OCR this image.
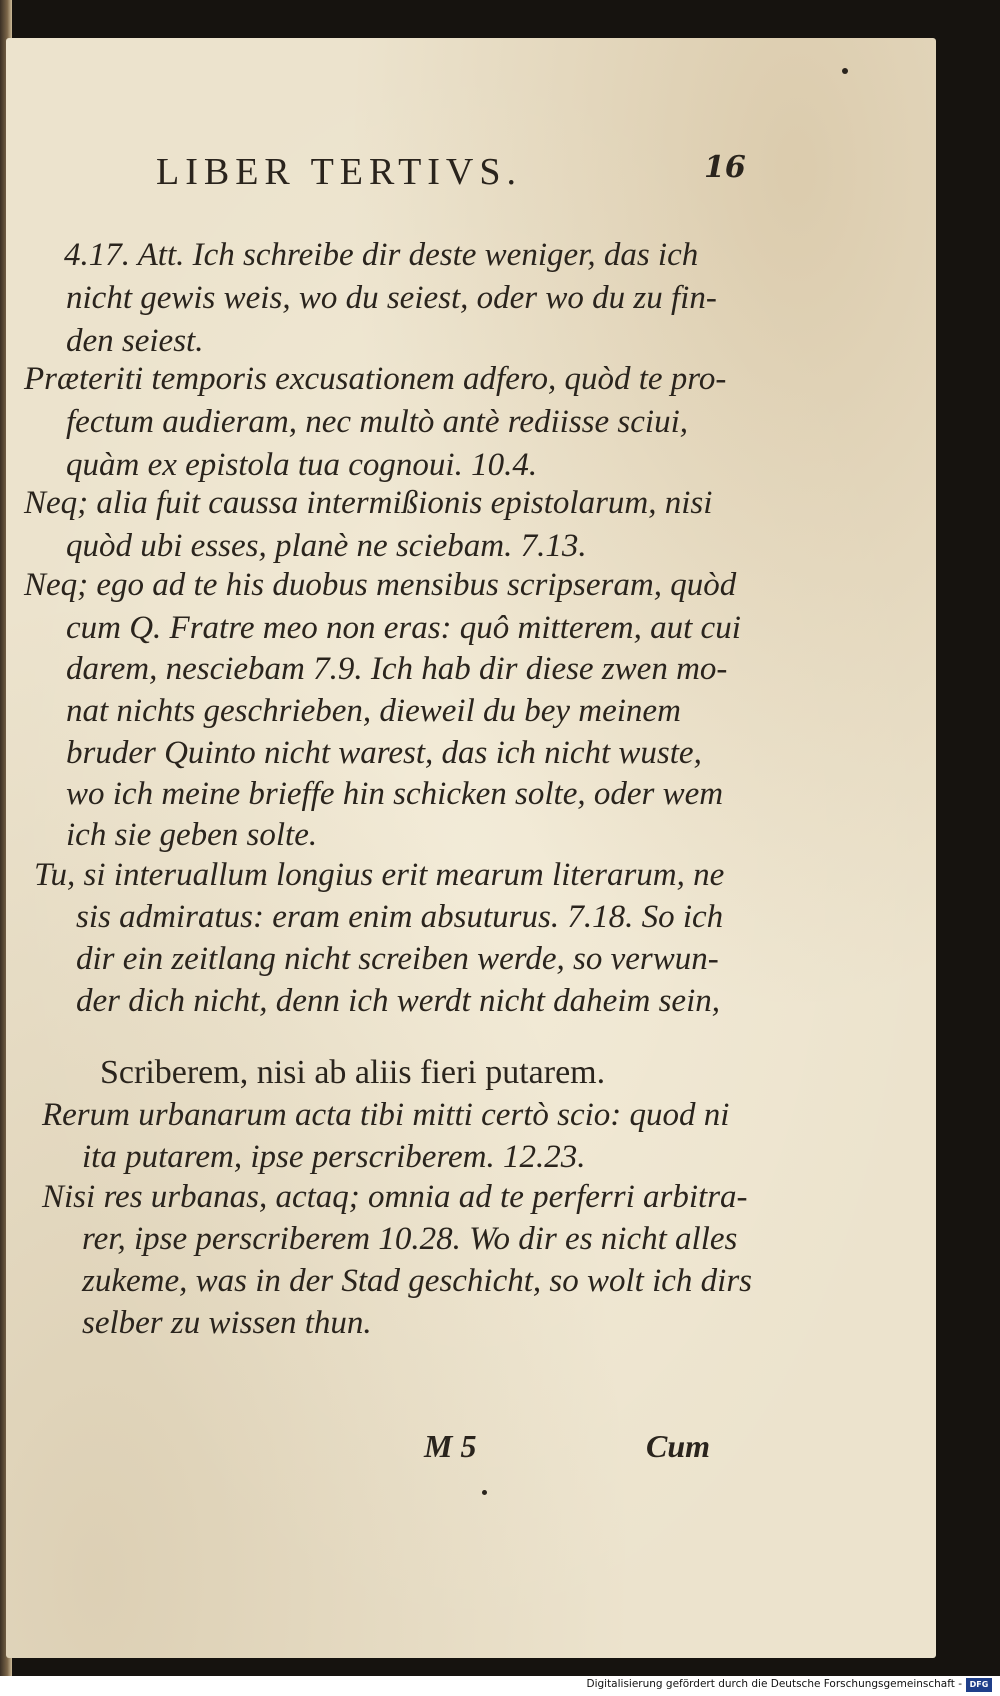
LIBER TERTIVS.	16
4.17. Att. Ich schreibe dir deste weniger, das ich
nicht gewis weis, wo du seiest, oder wo du zu fin-
den seiest.
Præteriti temporis excusationem adfero, quòd te pro-
fectum audieram, nec multò antè rediisse sciui,
quàm ex epistola tua cognoui. 10.4.
Neq; alia fuit caussa intermißionis epistolarum, nisi
quòd ubi esses, planè ne sciebam. 7.13.
Neq; ego ad te his duobus mensibus scripseram, quòd
cum Q. Fratre meo non eras: quô mitterem, aut cui
darem, nesciebam 7.9. Ich hab dir diese zwen mo-
nat nichts geschrieben, dieweil du bey meinem
bruder Quinto nicht warest, das ich nicht wuste,
wo ich meine brieffe hin schicken solte, oder wem
ich sie geben solte.
Tu, si interuallum longius erit mearum literarum, ne
sis admiratus: eram enim absuturus. 7.18. So ich
dir ein zeitlang nicht screiben werde, so verwun-
der dich nicht, denn ich werdt nicht daheim sein,
Scriberem, nisi ab aliis fieri putarem.
Rerum urbanarum acta tibi mitti certò scio: quod ni
ita putarem, ipse perscriberem. 12.23.
Nisi res urbanas, actaq; omnia ad te perferri arbitra-
rer, ipse perscriberem 10.28. Wo dir es nicht alles
zukeme, was in der Stad geschicht, so wolt ich dirs
selber zu wissen thun.
M 5	Cum
Digitalisierung gefördert durch die Deutsche Forschungsgemeinschaft - DFG
